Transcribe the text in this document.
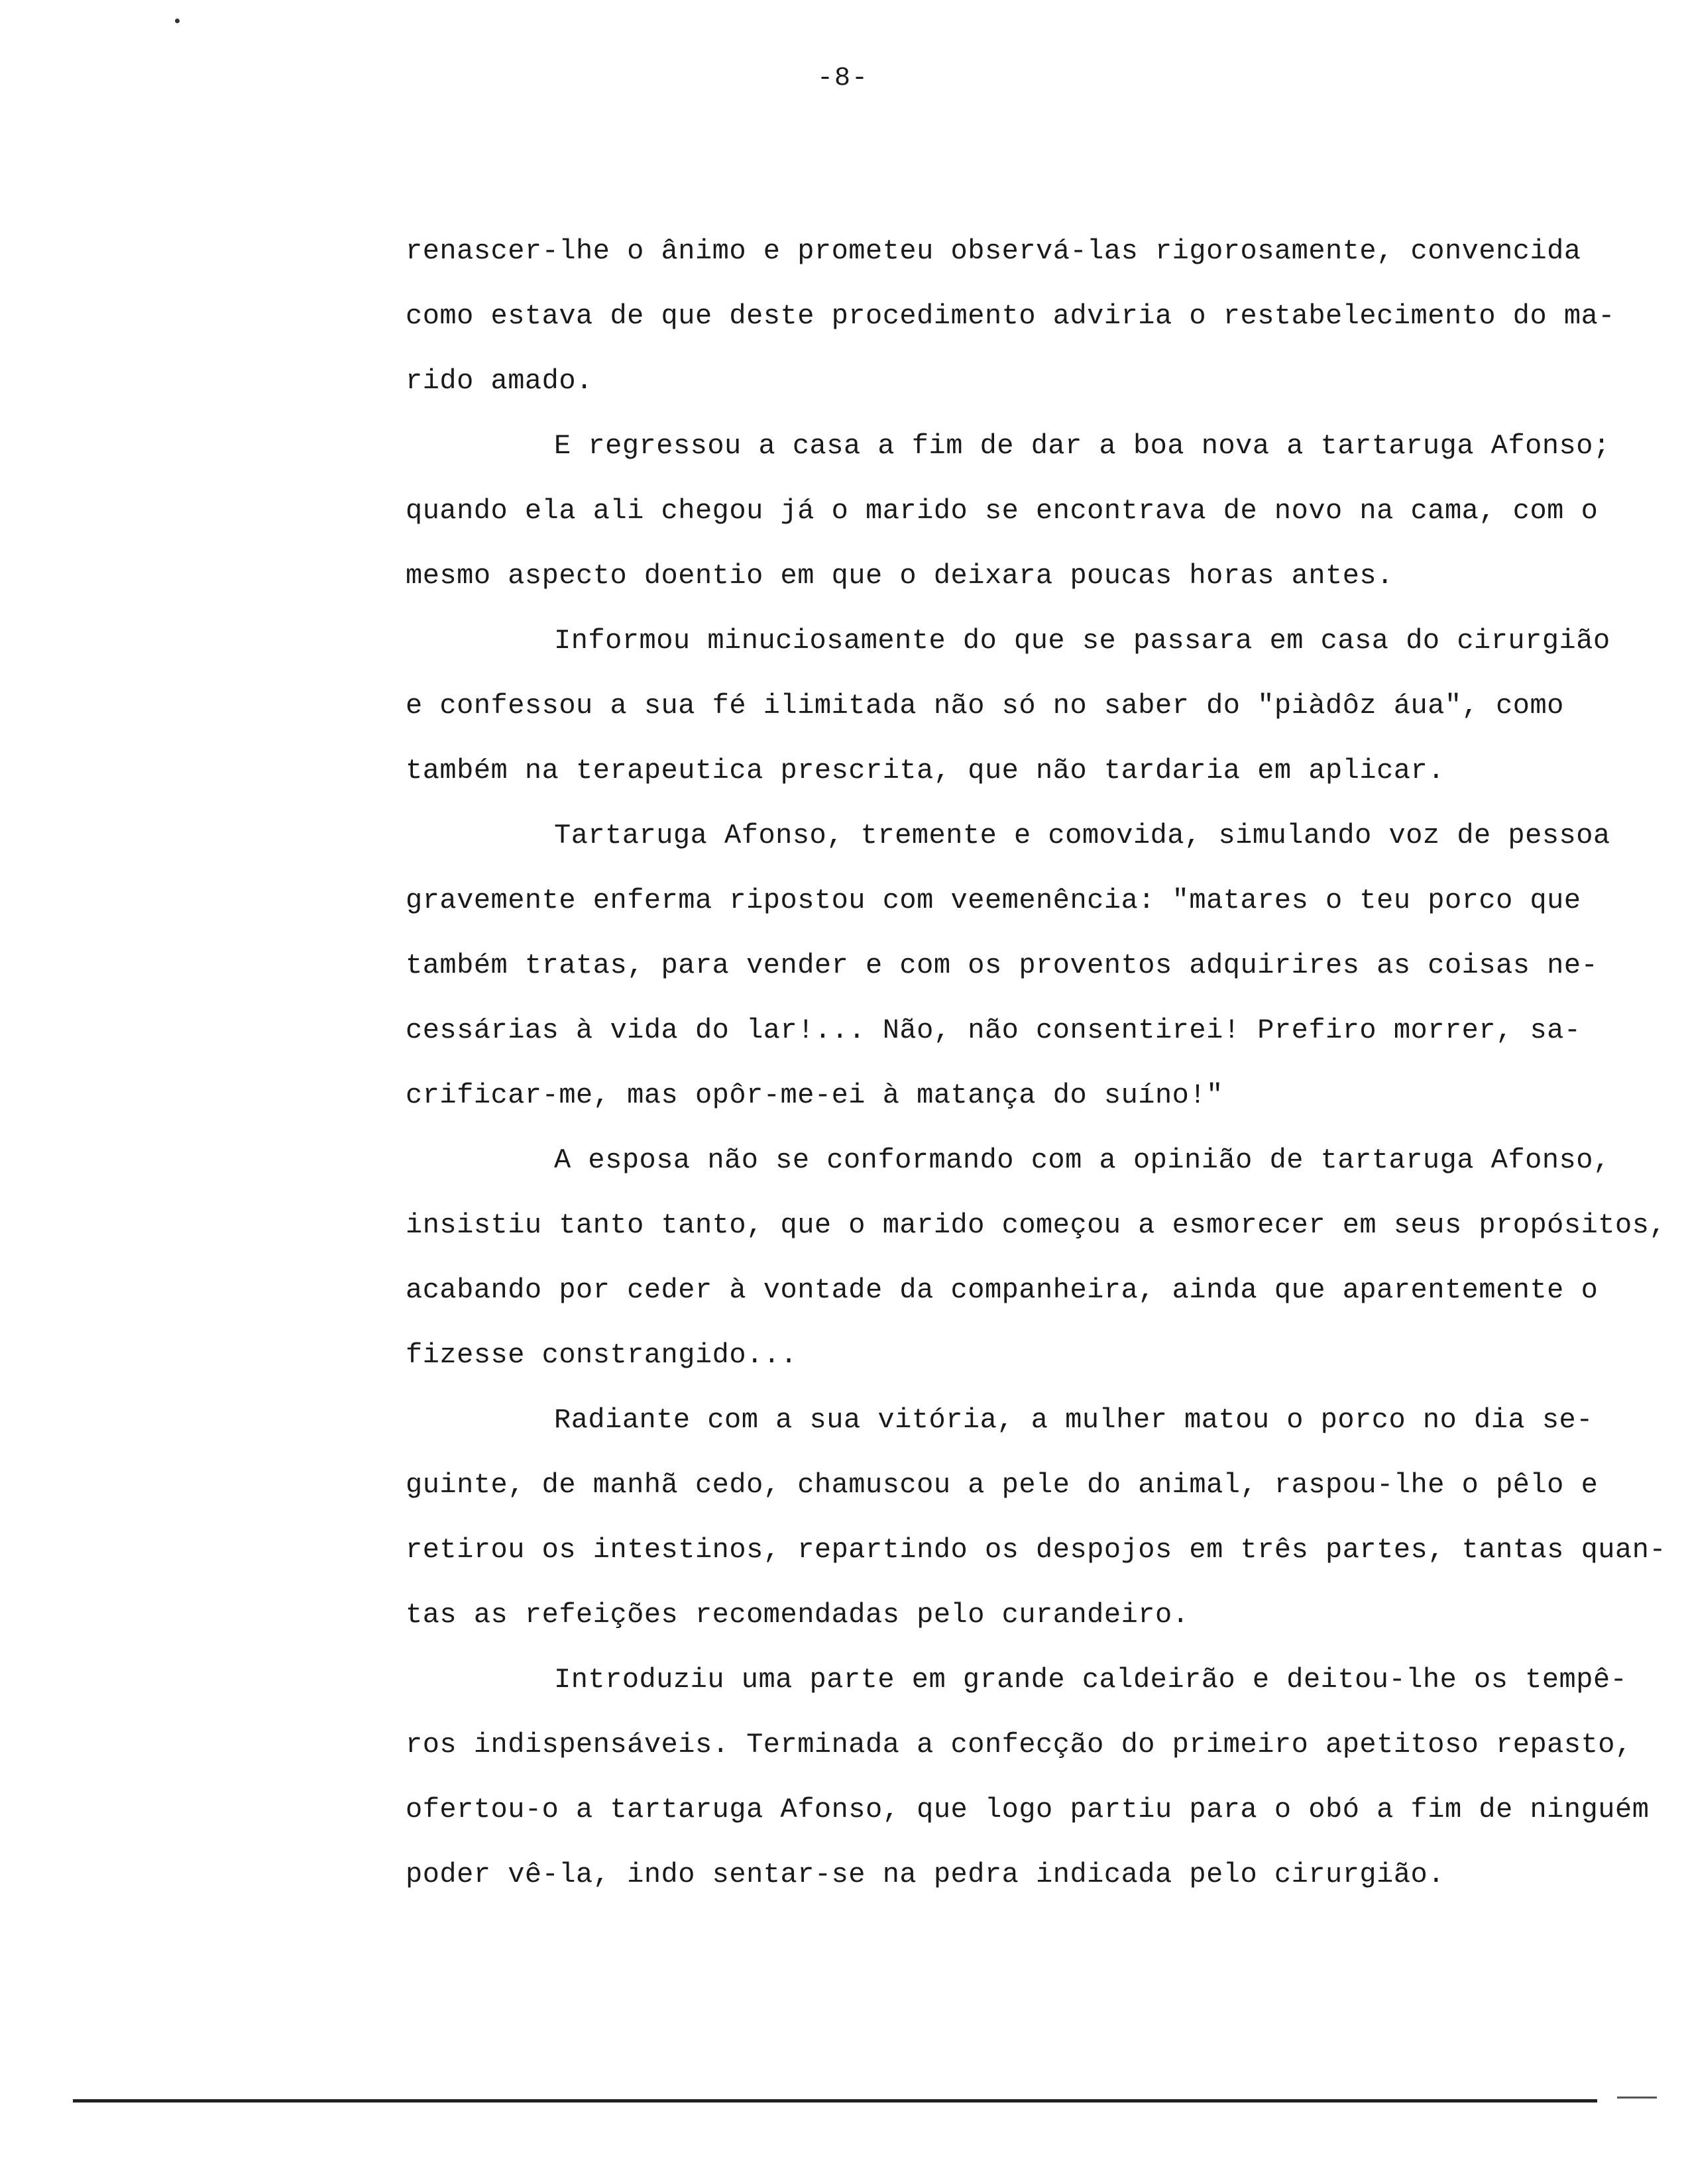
-8-
renascer-lhe o ânimo e prometeu observá-las rigorosamente, convencida
como estava de que deste procedimento adviria o restabelecimento do ma-
rido amado.
E regressou a casa a fim de dar a boa nova a tartaruga Afonso;
quando ela ali chegou já o marido se encontrava de novo na cama, com o
mesmo aspecto doentio em que o deixara poucas horas antes.
Informou minuciosamente do que se passara em casa do cirurgião
e confessou a sua fé ilimitada não só no saber do "piàdôz áua", como
também na terapeutica prescrita, que não tardaria em aplicar.
Tartaruga Afonso, tremente e comovida, simulando voz de pessoa
gravemente enferma ripostou com veemenência: "matares o teu porco que
também tratas, para vender e com os proventos adquirires as coisas ne-
cessárias à vida do lar!... Não, não consentirei! Prefiro morrer, sa-
crificar-me, mas opôr-me-ei à matança do suíno!"
A esposa não se conformando com a opinião de tartaruga Afonso,
insistiu tanto tanto, que o marido começou a esmorecer em seus propósitos,
acabando por ceder à vontade da companheira, ainda que aparentemente o
fizesse constrangido...
Radiante com a sua vitória, a mulher matou o porco no dia se-
guinte, de manhã cedo, chamuscou a pele do animal, raspou-lhe o pêlo e
retirou os intestinos, repartindo os despojos em três partes, tantas quan-
tas as refeições recomendadas pelo curandeiro.
Introduziu uma parte em grande caldeirão e deitou-lhe os tempê-
ros indispensáveis. Terminada a confecção do primeiro apetitoso repasto,
ofertou-o a tartaruga Afonso, que logo partiu para o obó a fim de ninguém
poder vê-la, indo sentar-se na pedra indicada pelo cirurgião.
